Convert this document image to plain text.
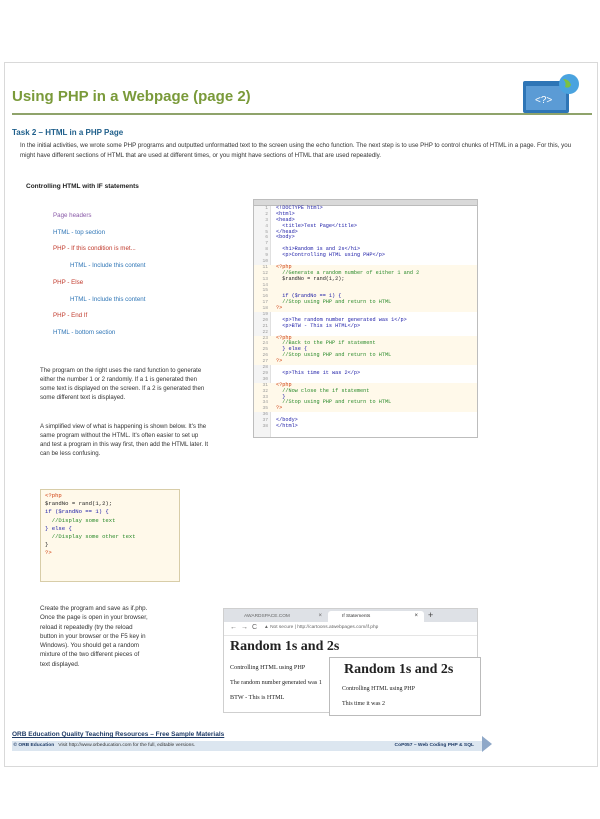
Using PHP in a Webpage (page 2)	<?>
Task 2 – HTML in a PHP Page
In the initial activities, we wrote some PHP programs and outputted unformatted text to the screen using the echo function. The next step is to use PHP to control chunks of HTML in a page. For this, you might have different sections of HTML that are used at different times, or you might have sections of HTML that are used repeatedly.
Controlling HTML with IF statements
Page headers
HTML - top section
PHP - If this condition is met...
HTML - Include this content
PHP - Else
HTML - Include this content
PHP - End If
HTML - bottom section
The program on the right uses the rand function to generate either the number 1 or 2 randomly. If a 1 is generated then some text is displayed on the screen. If a 2 is generated then some different text is displayed.
A simplified view of what is happening is shown below. It's the same program without the HTML. It's often easier to set up and test a program in this way first, then add the HTML later. It can be less confusing.
<?php
$randNo = rand(1,2);
if ($randNo == 1) {
//Display some text
} else {
//Display some other text
}
?>
1 <!DOCTYPE html>
2 <html>
3 <head>
4 <title>Test Page</title>
5 </head>
6 <body>
7
8 <h1>Random 1s and 2s</h1>
9 <p>Controlling HTML using PHP</p>
10
11 <?php
12 //Generate a random number of either 1 and 2
13 $randNo = rand(1,2);
14
15
16 if ($randNo == 1) {
17 //Stop using PHP and return to HTML
18 ?>
19
20 <p>The random number generated was 1</p>
21 <p>BTW - This is HTML</p>
22
23 <?php
24 //Back to the PHP if statement
25 } else {
26 //Stop using PHP and return to HTML
27 ?>
28
29 <p>This time it was 2</p>
30
31 <?php
32 //Now close the if statement
33 }
34 //Stop using PHP and return to HTML
35 ?>
36
37 </body>
38 </html>
Create the program and save as if.php. Once the page is open in your browser, reload it repeatedly (try the reload button in your browser or the F5 key in Windows). You should get a random mixture of the two different pieces of text displayed.
AWARDSPACE.COM	×	If Statements	× +
←→C ▲ Not secure | http://cartoons.atwebpages.com/if.php
Random 1s and 2s
Controlling HTML using PHP
The random number generated was 1
BTW - This is HTML
Random 1s and 2s
Controlling HTML using PHP
This time it was 2
ORB Education Quality Teaching Resources – Free Sample Materials
© ORB Education Visit http://www.orbeducation.com for the full, editable versions.	CoP057 – Web Coding PHP & SQL
